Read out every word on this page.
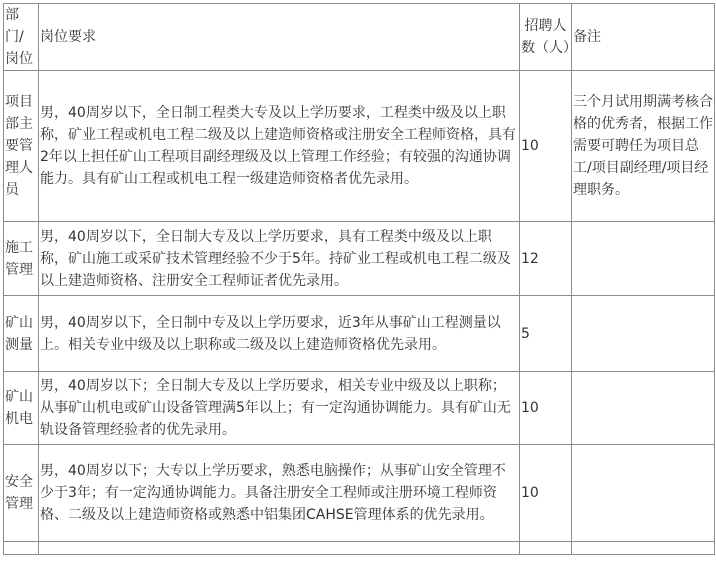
部门/岗位	岗位要求	招聘人数（人）	备注
项目部主要管理人员	男，40周岁以下，全日制工程类大专及以上学历要求，工程类中级及以上职称，矿业工程或机电工程二级及以上建造师资格或注册安全工程师资格，具有2年以上担任矿山工程项目副经理级及以上管理工作经验；有较强的沟通协调能力。具有矿山工程或机电工程一级建造师资格者优先录用。	10	三个月试用期满考核合格的优秀者，根据工作需要可聘任为项目总工/项目副经理/项目经理职务。
施工管理	男，40周岁以下，全日制大专及以上学历要求，具有工程类中级及以上职称，矿山施工或采矿技术管理经验不少于5年。持矿业工程或机电工程二级及以上建造师资格、注册安全工程师证者优先录用。	12	
矿山测量	男，40周岁以下，全日制中专及以上学历要求，近3年从事矿山工程测量以上。相关专业中级及以上职称或二级及以上建造师资格优先录用。	5	
矿山机电	男，40周岁以下；全日制大专及以上学历要求，相关专业中级及以上职称；从事矿山机电或矿山设备管理满5年以上；有一定沟通协调能力。具有矿山无轨设备管理经验者的优先录用。	10	
安全管理	男，40周岁以下；大专以上学历要求，熟悉电脑操作；从事矿山安全管理不少于3年；有一定沟通协调能力。具备注册安全工程师或注册环境工程师资格、二级及以上建造师资格或熟悉中铝集团CAHSE管理体系的优先录用。	10	
